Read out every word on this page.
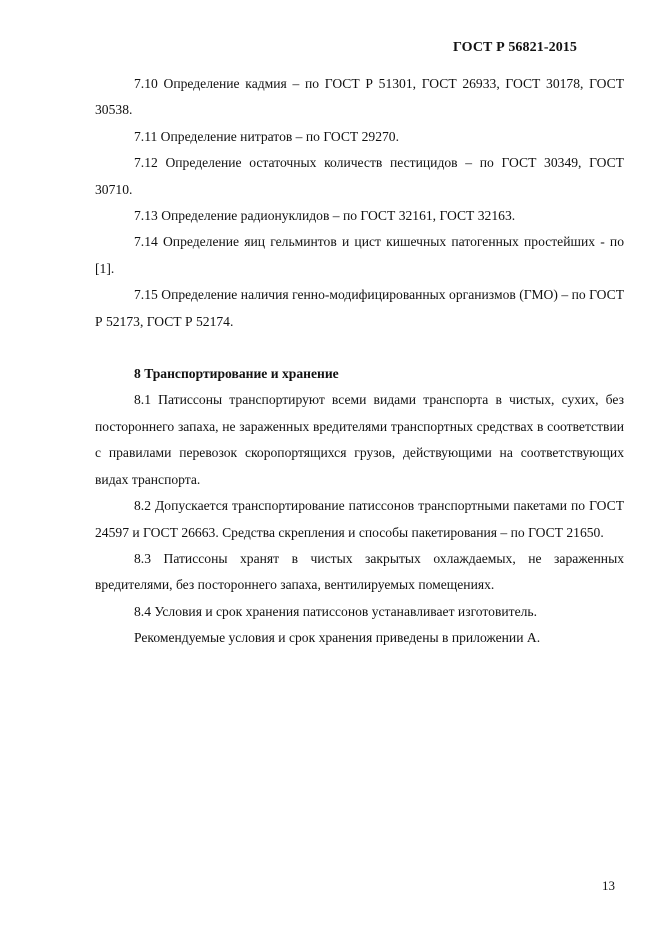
ГОСТ Р 56821-2015

7.10 Определение кадмия – по ГОСТ Р 51301, ГОСТ 26933, ГОСТ 30178, ГОСТ 30538.

7.11 Определение нитратов – по ГОСТ 29270.

7.12 Определение остаточных количеств пестицидов – по ГОСТ 30349, ГОСТ 30710.

7.13 Определение радионуклидов – по ГОСТ 32161, ГОСТ 32163.

7.14 Определение яиц гельминтов и цист кишечных патогенных простейших - по [1].

7.15 Определение наличия генно-модифицированных организмов (ГМО) – по ГОСТ Р 52173, ГОСТ Р 52174.

8 Транспортирование и хранение

8.1 Патиссоны транспортируют всеми видами транспорта в чистых, сухих, без постороннего запаха, не зараженных вредителями транспортных средствах в соответствии с правилами перевозок скоропортящихся грузов, действующими на соответствующих видах транспорта.

8.2 Допускается транспортирование патиссонов транспортными пакетами по ГОСТ 24597 и ГОСТ 26663. Средства скрепления и способы пакетирования – по ГОСТ 21650.

8.3 Патиссоны хранят в чистых закрытых охлаждаемых, не зараженных вредителями, без постороннего запаха, вентилируемых помещениях.

8.4 Условия и срок хранения патиссонов устанавливает изготовитель.

Рекомендуемые условия и срок хранения приведены в приложении А.

13
